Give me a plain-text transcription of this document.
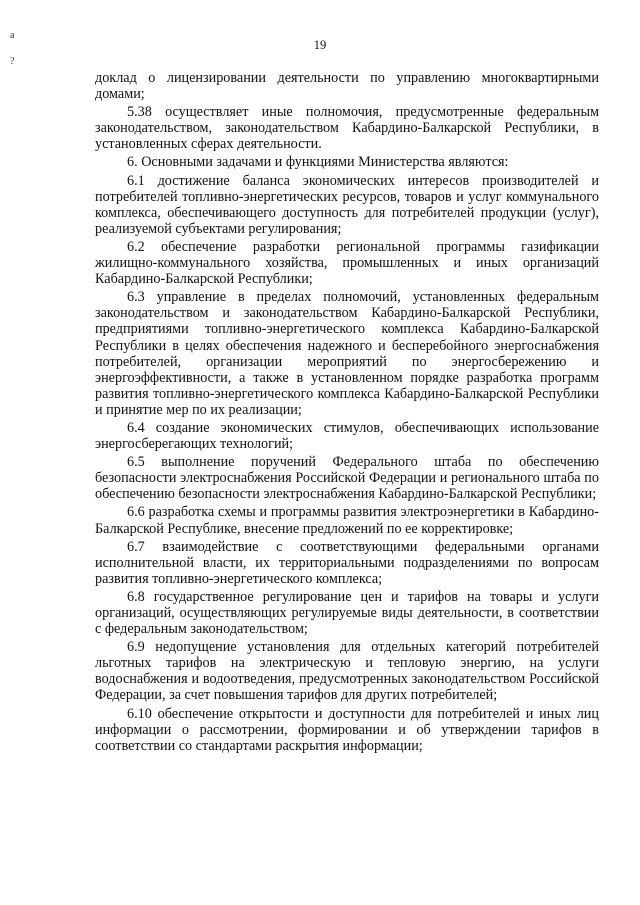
a
?
19

доклад о лицензировании деятельности по управлению многоквартирными домами;

5.38 осуществляет иные полномочия, предусмотренные федеральным законодательством, законодательством Кабардино-Балкарской Республики, в установленных сферах деятельности.

6. Основными задачами и функциями Министерства являются:

6.1 достижение баланса экономических интересов производителей и потребителей топливно-энергетических ресурсов, товаров и услуг коммунального комплекса, обеспечивающего доступность для потребителей продукции (услуг), реализуемой субъектами регулирования;

6.2 обеспечение разработки региональной программы газификации жилищно-коммунального хозяйства, промышленных и иных организаций Кабардино-Балкарской Республики;

6.3 управление в пределах полномочий, установленных федеральным законодательством и законодательством Кабардино-Балкарской Республики, предприятиями топливно-энергетического комплекса Кабардино-Балкарской Республики в целях обеспечения надежного и бесперебойного энергоснабжения потребителей, организации мероприятий по энергосбережению и энергоэффективности, а также в установленном порядке разработка программ развития топливно-энергетического комплекса Кабардино-Балкарской Республики и принятие мер по их реализации;

6.4 создание экономических стимулов, обеспечивающих использование энергосберегающих технологий;

6.5 выполнение поручений Федерального штаба по обеспечению безопасности электроснабжения Российской Федерации и регионального штаба по обеспечению безопасности электроснабжения Кабардино-Балкарской Республики;

6.6 разработка схемы и программы развития электроэнергетики в Кабардино-Балкарской Республике, внесение предложений по ее корректировке;

6.7 взаимодействие с соответствующими федеральными органами исполнительной власти, их территориальными подразделениями по вопросам развития топливно-энергетического комплекса;

6.8 государственное регулирование цен и тарифов на товары и услуги организаций, осуществляющих регулируемые виды деятельности, в соответствии с федеральным законодательством;

6.9 недопущение установления для отдельных категорий потребителей льготных тарифов на электрическую и тепловую энергию, на услуги водоснабжения и водоотведения, предусмотренных законодательством Российской Федерации, за счет повышения тарифов для других потребителей;

6.10 обеспечение открытости и доступности для потребителей и иных лиц информации о рассмотрении, формировании и об утверждении тарифов в соответствии со стандартами раскрытия информации;
